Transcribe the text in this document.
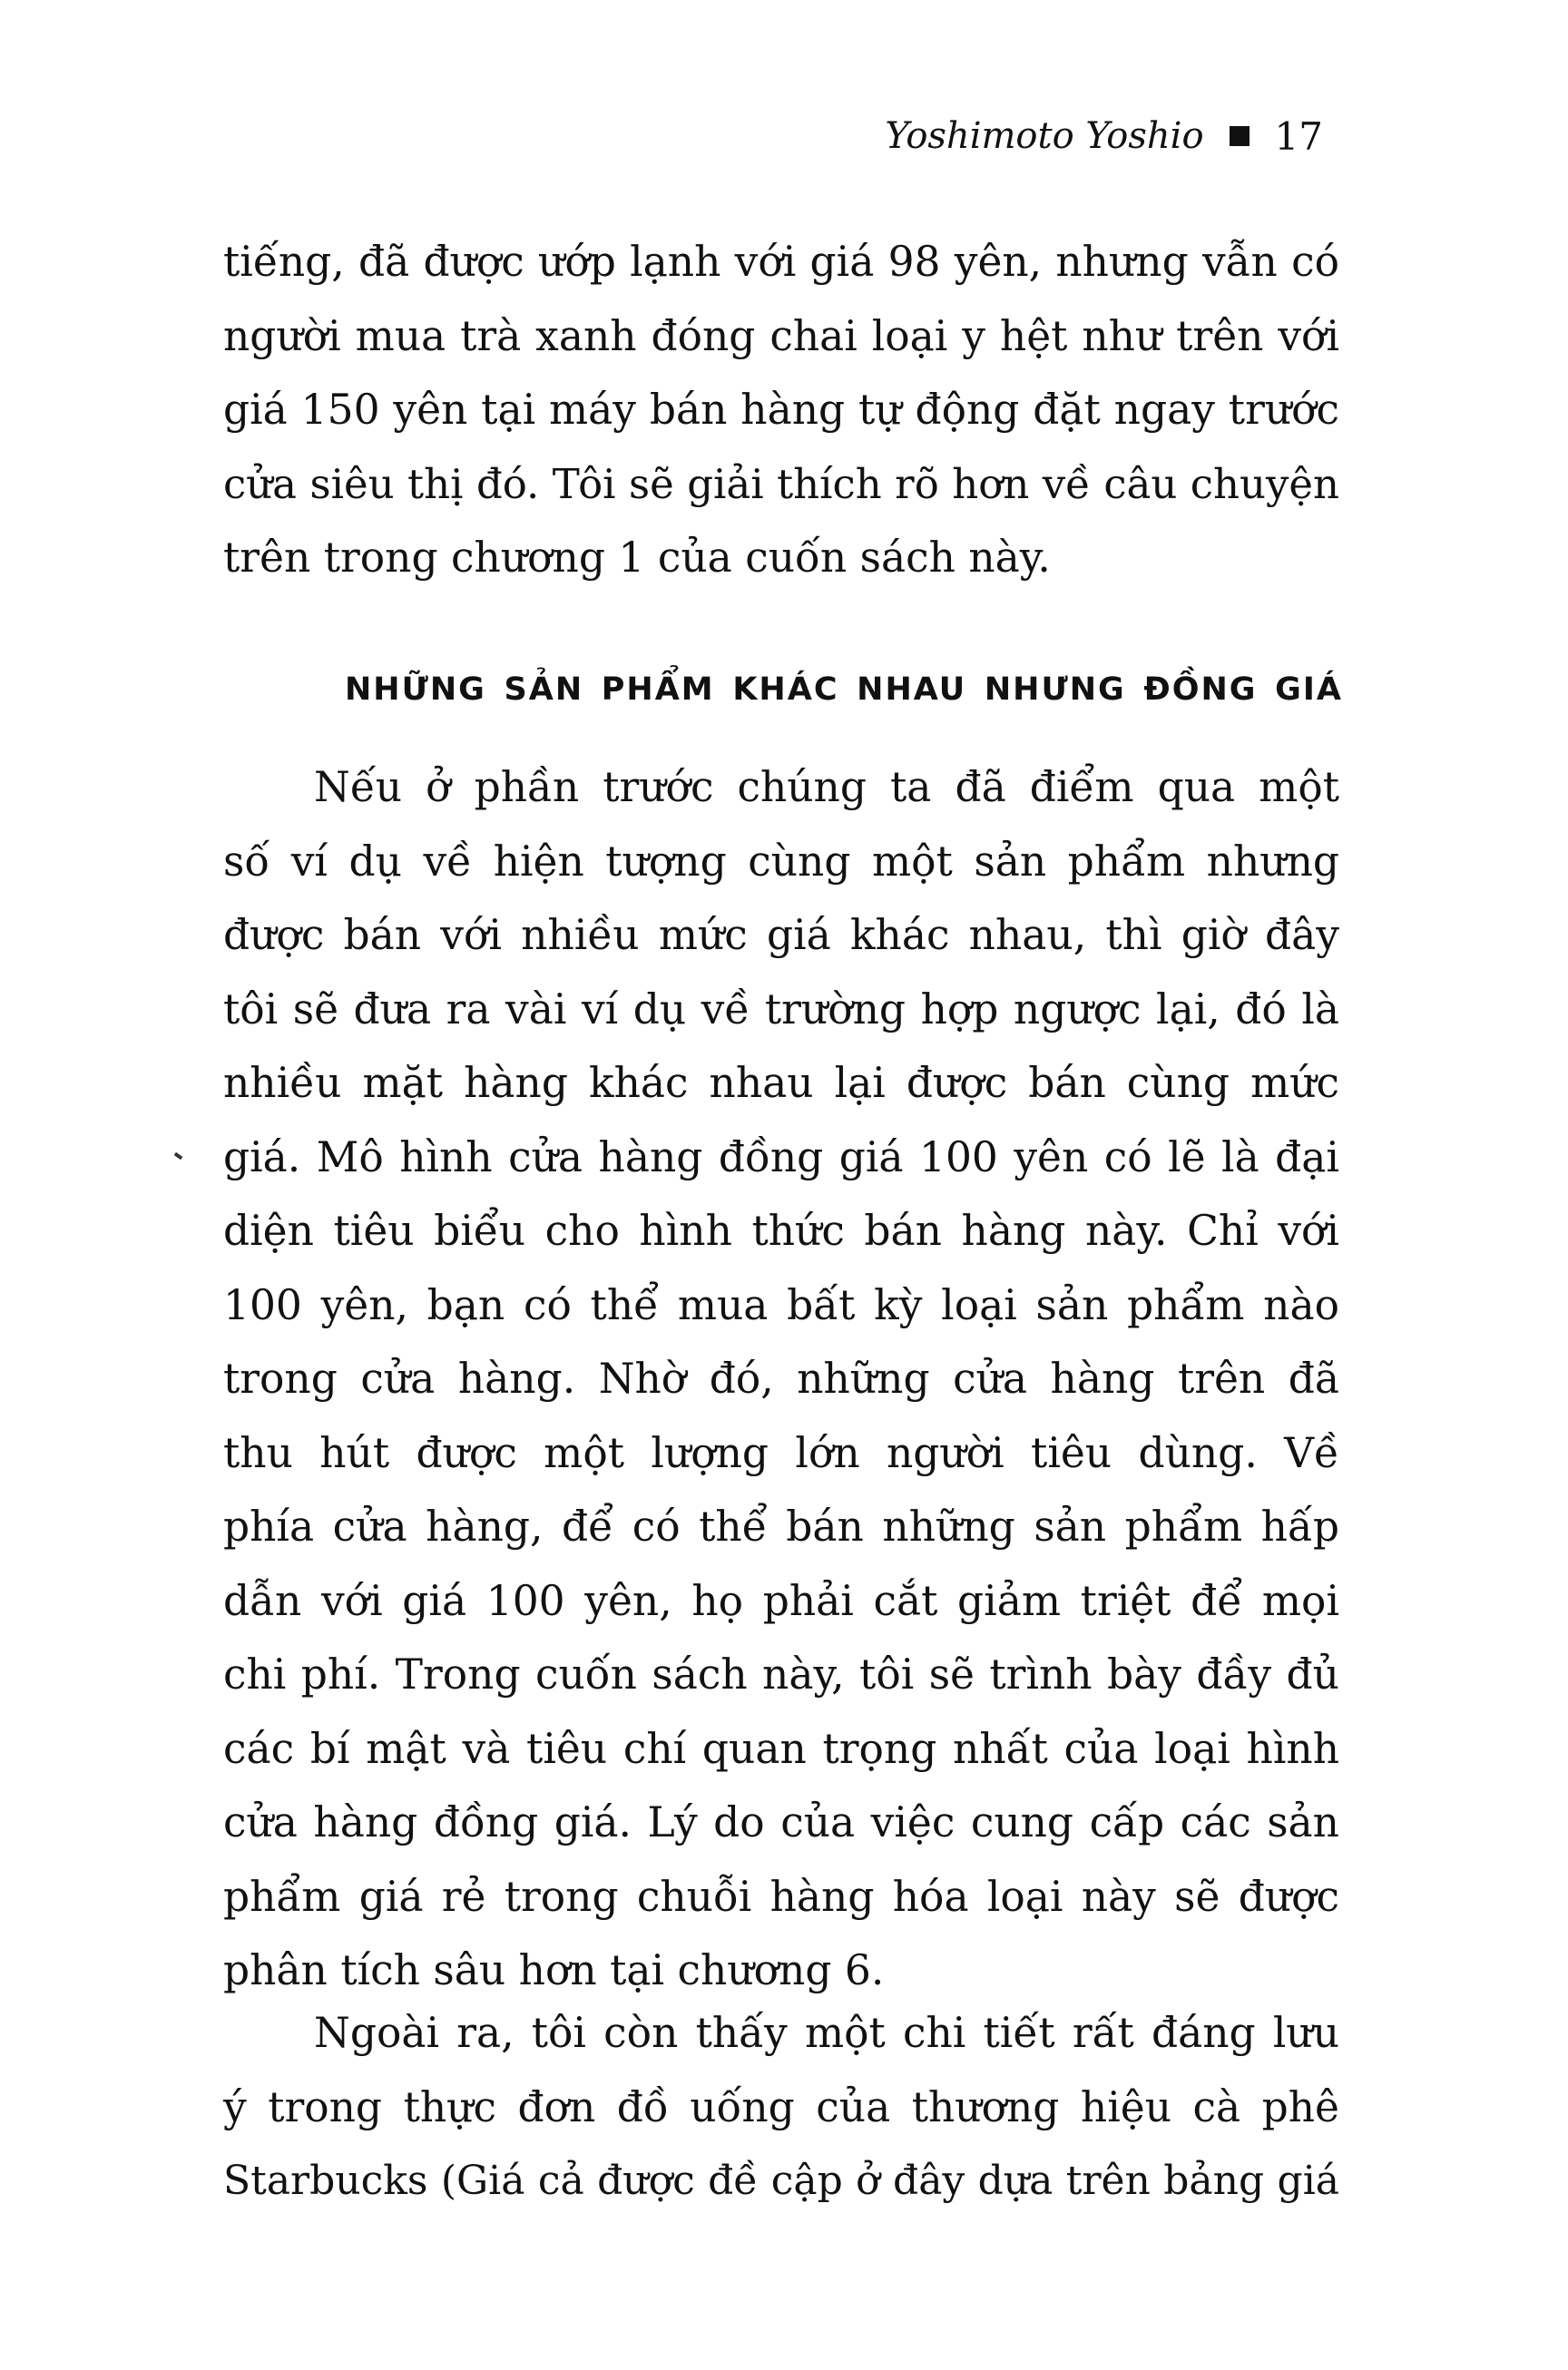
Yoshimoto Yoshio 17
tiếng, đã được ướp lạnh với giá 98 yên, nhưng vẫn có
người mua trà xanh đóng chai loại y hệt như trên với
giá 150 yên tại máy bán hàng tự động đặt ngay trước
cửa siêu thị đó. Tôi sẽ giải thích rõ hơn về câu chuyện
trên trong chương 1 của cuốn sách này.
NHỮNG SẢN PHẨM KHÁC NHAU NHƯNG ĐỒNG GIÁ
Nếu ở phần trước chúng ta đã điểm qua một
số ví dụ về hiện tượng cùng một sản phẩm nhưng
được bán với nhiều mức giá khác nhau, thì giờ đây
tôi sẽ đưa ra vài ví dụ về trường hợp ngược lại, đó là
nhiều mặt hàng khác nhau lại được bán cùng mức
giá. Mô hình cửa hàng đồng giá 100 yên có lẽ là đại
diện tiêu biểu cho hình thức bán hàng này. Chỉ với
100 yên, bạn có thể mua bất kỳ loại sản phẩm nào
trong cửa hàng. Nhờ đó, những cửa hàng trên đã
thu hút được một lượng lớn người tiêu dùng. Về
phía cửa hàng, để có thể bán những sản phẩm hấp
dẫn với giá 100 yên, họ phải cắt giảm triệt để mọi
chi phí. Trong cuốn sách này, tôi sẽ trình bày đầy đủ
các bí mật và tiêu chí quan trọng nhất của loại hình
cửa hàng đồng giá. Lý do của việc cung cấp các sản
phẩm giá rẻ trong chuỗi hàng hóa loại này sẽ được
phân tích sâu hơn tại chương 6.
Ngoài ra, tôi còn thấy một chi tiết rất đáng lưu
ý trong thực đơn đồ uống của thương hiệu cà phê
Starbucks (Giá cả được đề cập ở đây dựa trên bảng giá
